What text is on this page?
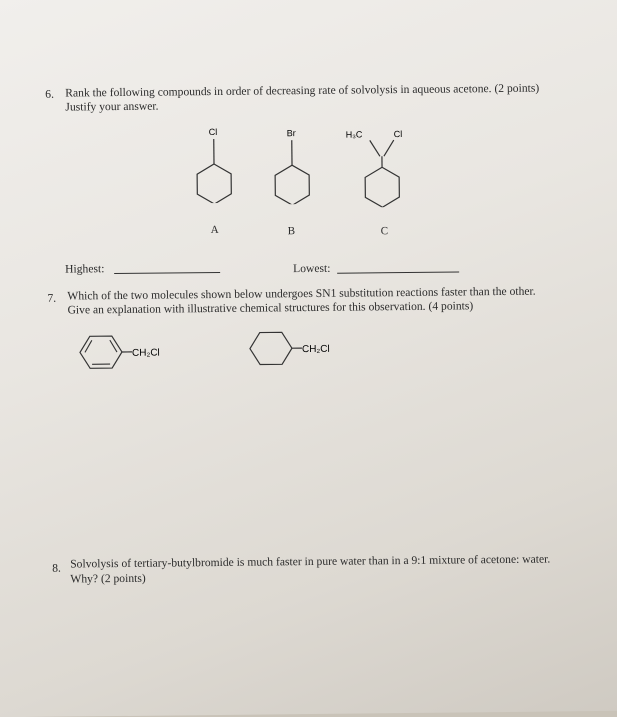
6. Rank the following compounds in order of decreasing rate of solvolysis in aqueous acetone. (2 points)
Justify your answer.
Cl
A
Br
B
H₃C	Cl
C
Highest:	Lowest:
7. Which of the two molecules shown below undergoes SN1 substitution reactions faster than the other.
Give an explanation with illustrative chemical structures for this observation. (4 points)
CH₂Cl	CH₂Cl
8. Solvolysis of tertiary-butylbromide is much faster in pure water than in a 9:1 mixture of acetone: water.
Why? (2 points)
